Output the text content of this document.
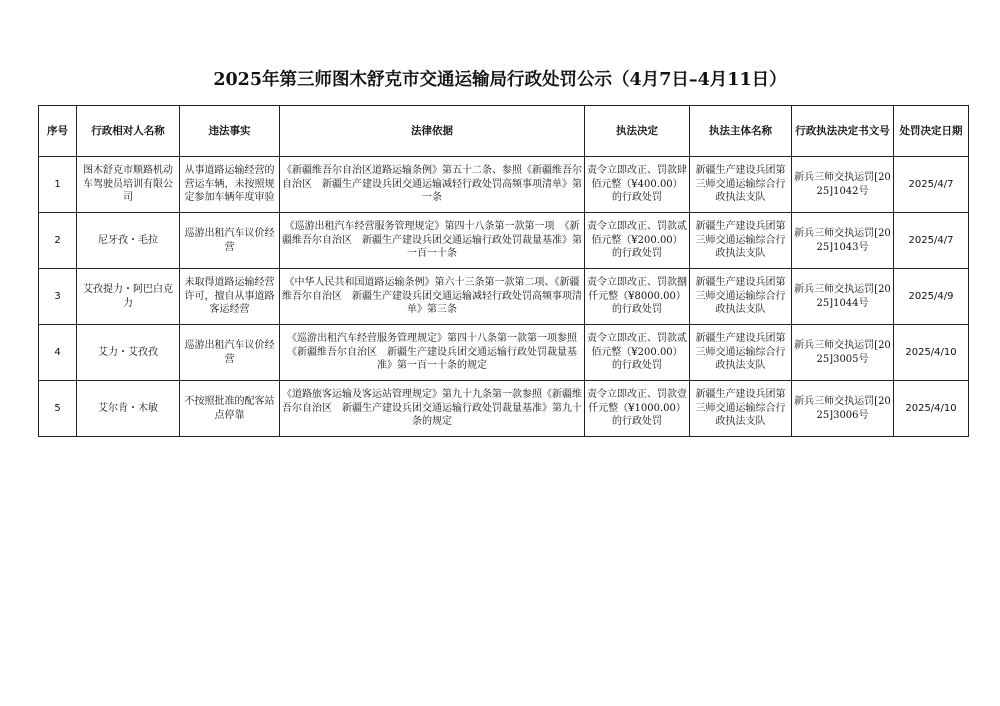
2025年第三师图木舒克市交通运输局行政处罚公示（4月7日–4月11日）
序号	行政相对人名称	违法事实	法律依据	执法决定	执法主体名称	行政执法决定书文号	处罚决定日期
1	图木舒克市顺路机动车驾驶员培训有限公司	从事道路运输经营的营运车辆，未按照规定参加车辆年度审验	《新疆维吾尔自治区道路运输条例》第五十二条、参照《新疆维吾尔自治区　新疆生产建设兵团交通运输减轻行政处罚高频事项清单》第一条	责令立即改正、罚款肆佰元整（¥400.00）的行政处罚	新疆生产建设兵团第三师交通运输综合行政执法支队	新兵三师交执运罚[2025]1042号	2025/4/7
2	尼牙孜・毛拉	巡游出租汽车议价经营	《巡游出租汽车经营服务管理规定》第四十八条第一款第一项　《新疆维吾尔自治区　新疆生产建设兵团交通运输行政处罚裁量基准》第一百一十条	责令立即改正、罚款贰佰元整（¥200.00）的行政处罚	新疆生产建设兵团第三师交通运输综合行政执法支队	新兵三师交执运罚[2025]1043号	2025/4/7
3	艾孜提力・阿巴白克力	未取得道路运输经营许可，擅自从事道路客运经营	《中华人民共和国道路运输条例》第六十三条第一款第二项、《新疆维吾尔自治区　新疆生产建设兵团交通运输减轻行政处罚高频事项清单》第三条	责令立即改正、罚款捌仟元整（¥8000.00）的行政处罚	新疆生产建设兵团第三师交通运输综合行政执法支队	新兵三师交执运罚[2025]1044号	2025/4/9
4	艾力・艾孜孜	巡游出租汽车议价经营	《巡游出租汽车经营服务管理规定》第四十八条第一款第一项参照《新疆维吾尔自治区　新疆生产建设兵团交通运输行政处罚裁量基准》第一百一十条的规定	责令立即改正、罚款贰佰元整（¥200.00）的行政处罚	新疆生产建设兵团第三师交通运输综合行政执法支队	新兵三师交执运罚[2025]3005号	2025/4/10
5	艾尔肯・木敏	不按照批准的配客站点停靠	《道路旅客运输及客运站管理规定》第九十九条第一款参照《新疆维吾尔自治区　新疆生产建设兵团交通运输行政处罚裁量基准》第九十条的规定	责令立即改正、罚款壹仟元整（¥1000.00）的行政处罚	新疆生产建设兵团第三师交通运输综合行政执法支队	新兵三师交执运罚[2025]3006号	2025/4/10
